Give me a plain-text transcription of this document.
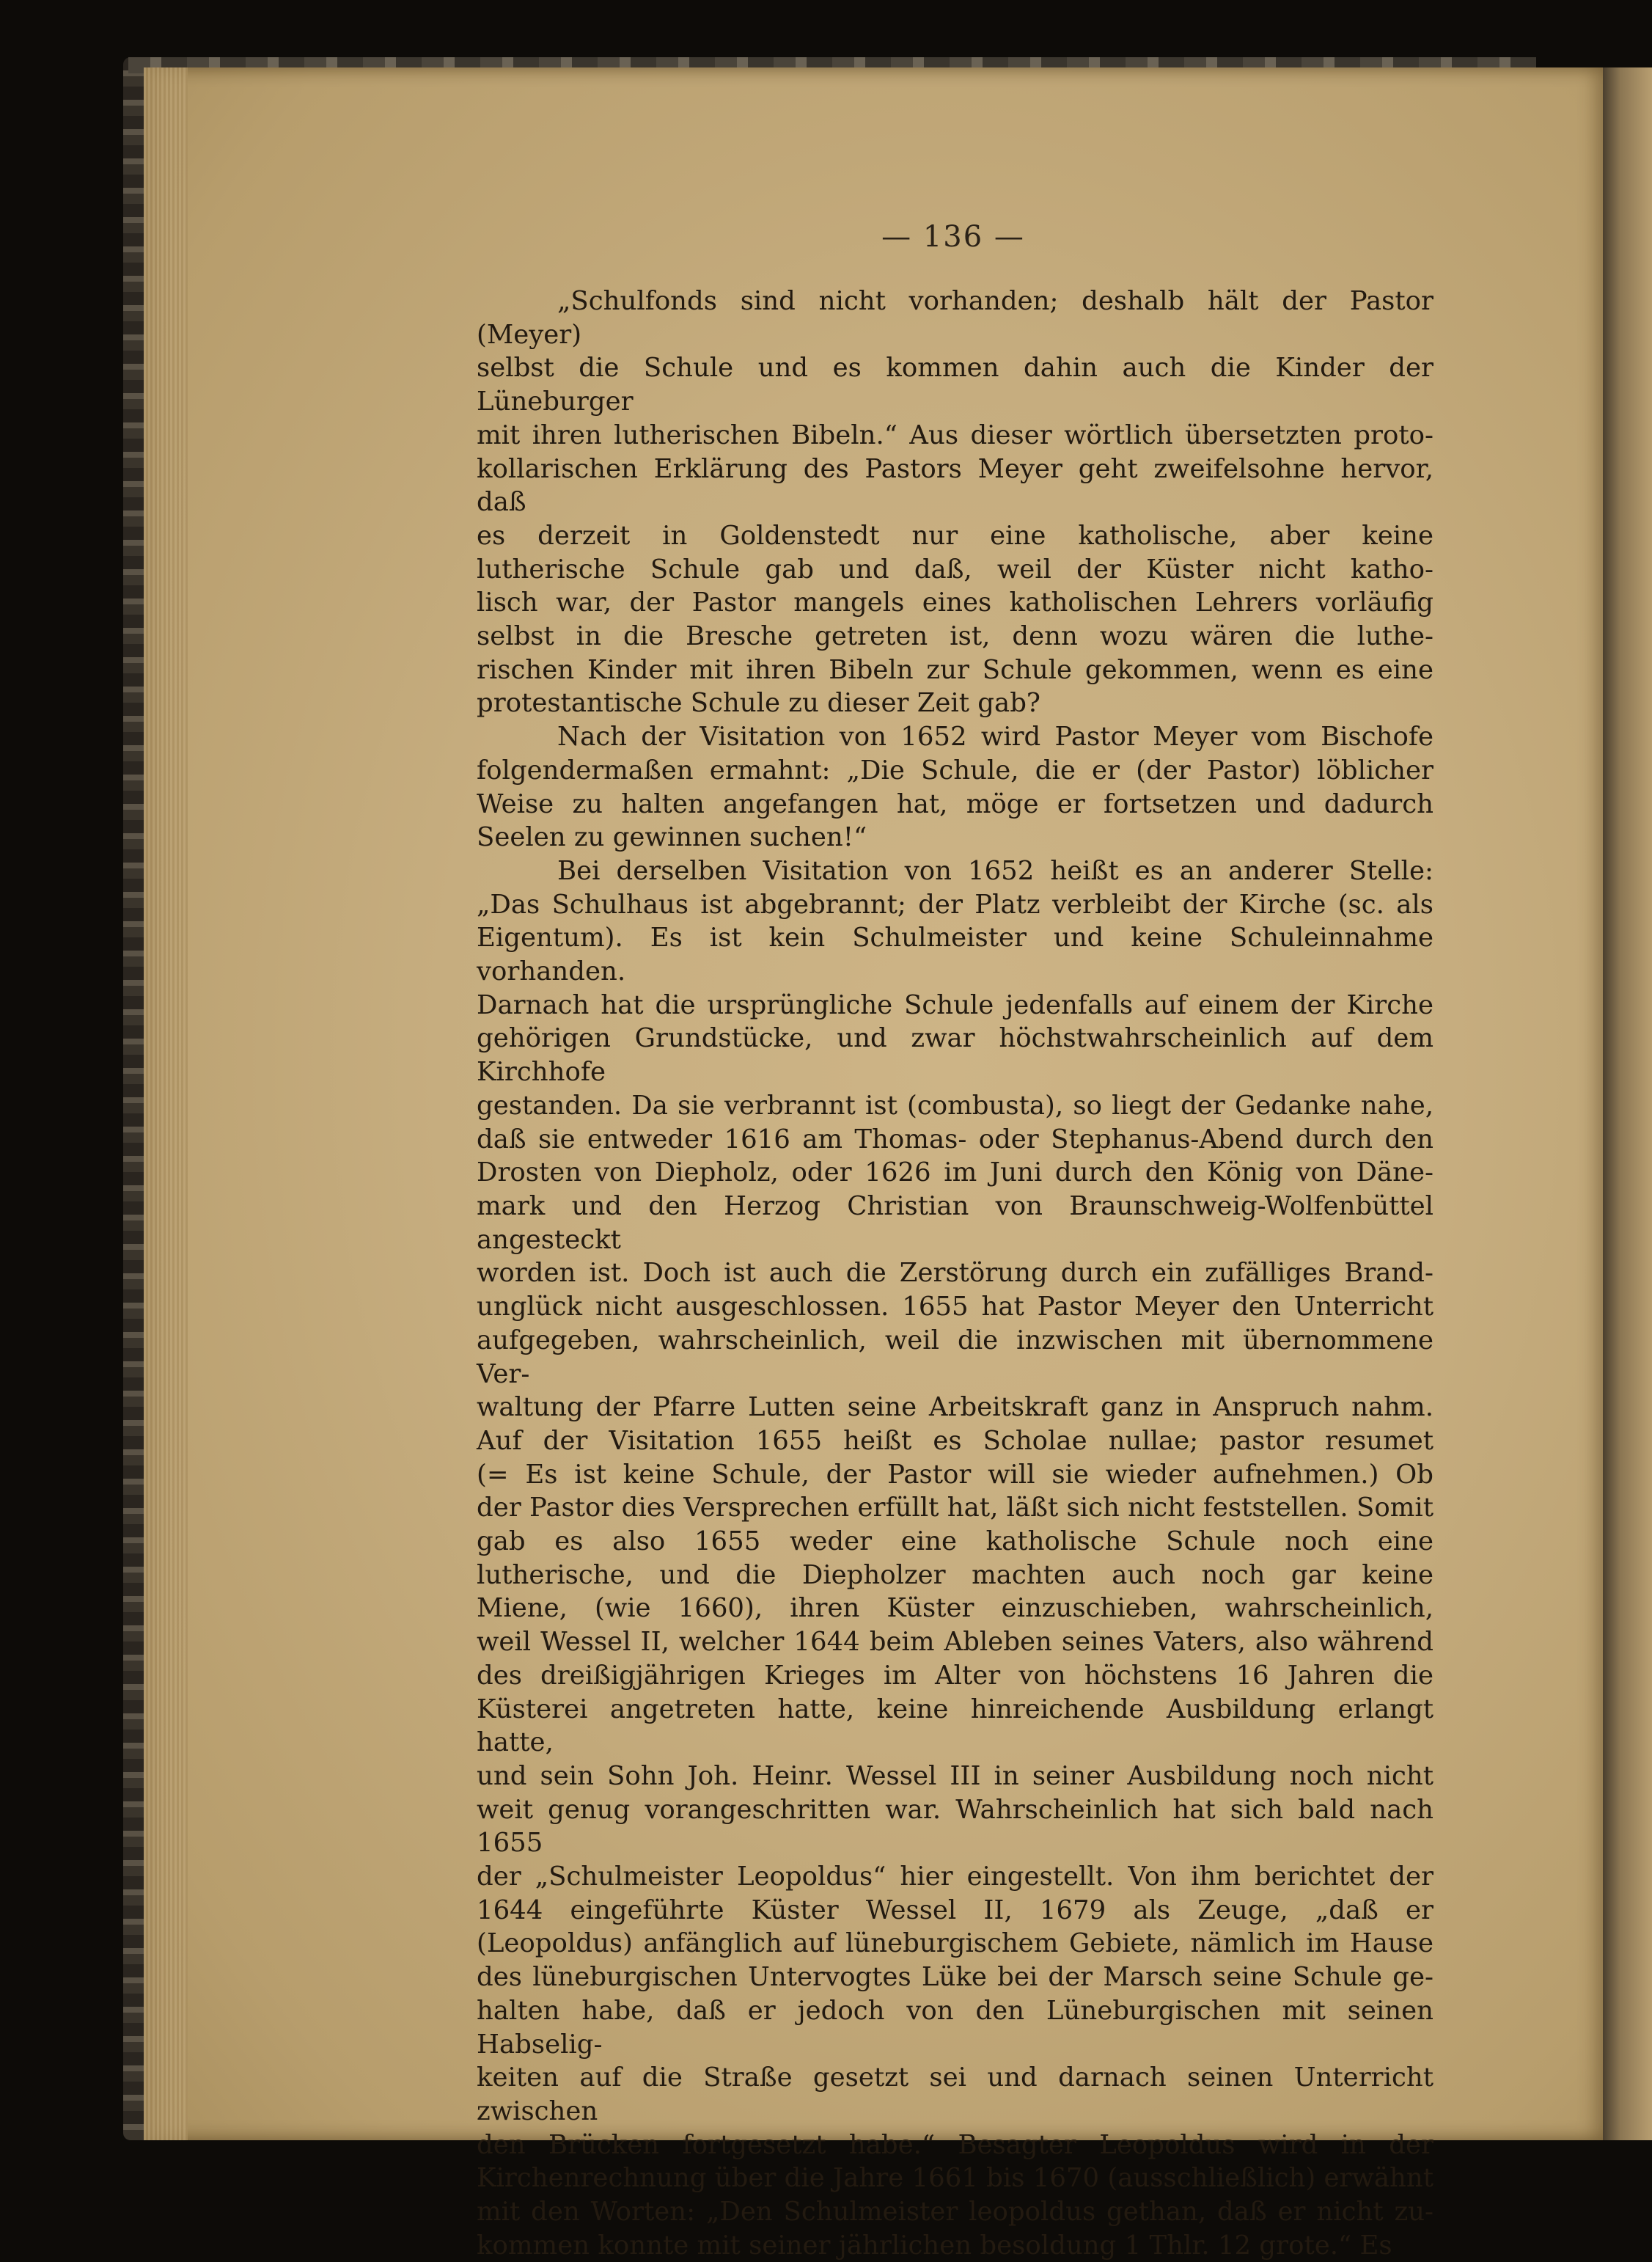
— 136 —
„Schulfonds sind nicht vorhanden; deshalb hält der Pastor (Meyer)
selbst die Schule und es kommen dahin auch die Kinder der Lüneburger
mit ihren lutherischen Bibeln.“ Aus dieser wörtlich übersetzten proto-
kollarischen Erklärung des Pastors Meyer geht zweifelsohne hervor, daß
es derzeit in Goldenstedt nur eine katholische, aber keine
lutherische Schule gab und daß, weil der Küster nicht katho-
lisch war, der Pastor mangels eines katholischen Lehrers vorläufig
selbst in die Bresche getreten ist, denn wozu wären die luthe-
rischen Kinder mit ihren Bibeln zur Schule gekommen, wenn es eine
protestantische Schule zu dieser Zeit gab?
Nach der Visitation von 1652 wird Pastor Meyer vom Bischofe
folgendermaßen ermahnt: „Die Schule, die er (der Pastor) löblicher
Weise zu halten angefangen hat, möge er fortsetzen und dadurch
Seelen zu gewinnen suchen!“
Bei derselben Visitation von 1652 heißt es an anderer Stelle:
„Das Schulhaus ist abgebrannt; der Platz verbleibt der Kirche (sc. als
Eigentum). Es ist kein Schulmeister und keine Schuleinnahme vorhanden.
Darnach hat die ursprüngliche Schule jedenfalls auf einem der Kirche
gehörigen Grundstücke, und zwar höchstwahrscheinlich auf dem Kirchhofe
gestanden. Da sie verbrannt ist (combusta), so liegt der Gedanke nahe,
daß sie entweder 1616 am Thomas- oder Stephanus-Abend durch den
Drosten von Diepholz, oder 1626 im Juni durch den König von Däne-
mark und den Herzog Christian von Braunschweig-Wolfenbüttel angesteckt
worden ist. Doch ist auch die Zerstörung durch ein zufälliges Brand-
unglück nicht ausgeschlossen. 1655 hat Pastor Meyer den Unterricht
aufgegeben, wahrscheinlich, weil die inzwischen mit übernommene Ver-
waltung der Pfarre Lutten seine Arbeitskraft ganz in Anspruch nahm.
Auf der Visitation 1655 heißt es Scholae nullae; pastor resumet
(= Es ist keine Schule, der Pastor will sie wieder aufnehmen.) Ob
der Pastor dies Versprechen erfüllt hat, läßt sich nicht feststellen. Somit
gab es also 1655 weder eine katholische Schule noch eine
lutherische, und die Diepholzer machten auch noch gar keine
Miene, (wie 1660), ihren Küster einzuschieben, wahrscheinlich,
weil Wessel II, welcher 1644 beim Ableben seines Vaters, also während
des dreißigjährigen Krieges im Alter von höchstens 16 Jahren die
Küsterei angetreten hatte, keine hinreichende Ausbildung erlangt hatte,
und sein Sohn Joh. Heinr. Wessel III in seiner Ausbildung noch nicht
weit genug vorangeschritten war. Wahrscheinlich hat sich bald nach 1655
der „Schulmeister Leopoldus“ hier eingestellt. Von ihm berichtet der
1644 eingeführte Küster Wessel II, 1679 als Zeuge, „daß er
(Leopoldus) anfänglich auf lüneburgischem Gebiete, nämlich im Hause
des lüneburgischen Untervogtes Lüke bei der Marsch seine Schule ge-
halten habe, daß er jedoch von den Lüneburgischen mit seinen Habselig-
keiten auf die Straße gesetzt sei und darnach seinen Unterricht zwischen
den Brücken fortgesetzt habe.“ Besagter Leopoldus wird in der
Kirchenrechnung über die Jahre 1661 bis 1670 (ausschließlich) erwähnt
mit den Worten: „Den Schulmeister leopoldus gethan, daß er nicht zu-
kommen konnte mit seiner jährlichen besoldung 1 Thlr. 12 grote.“ Es
